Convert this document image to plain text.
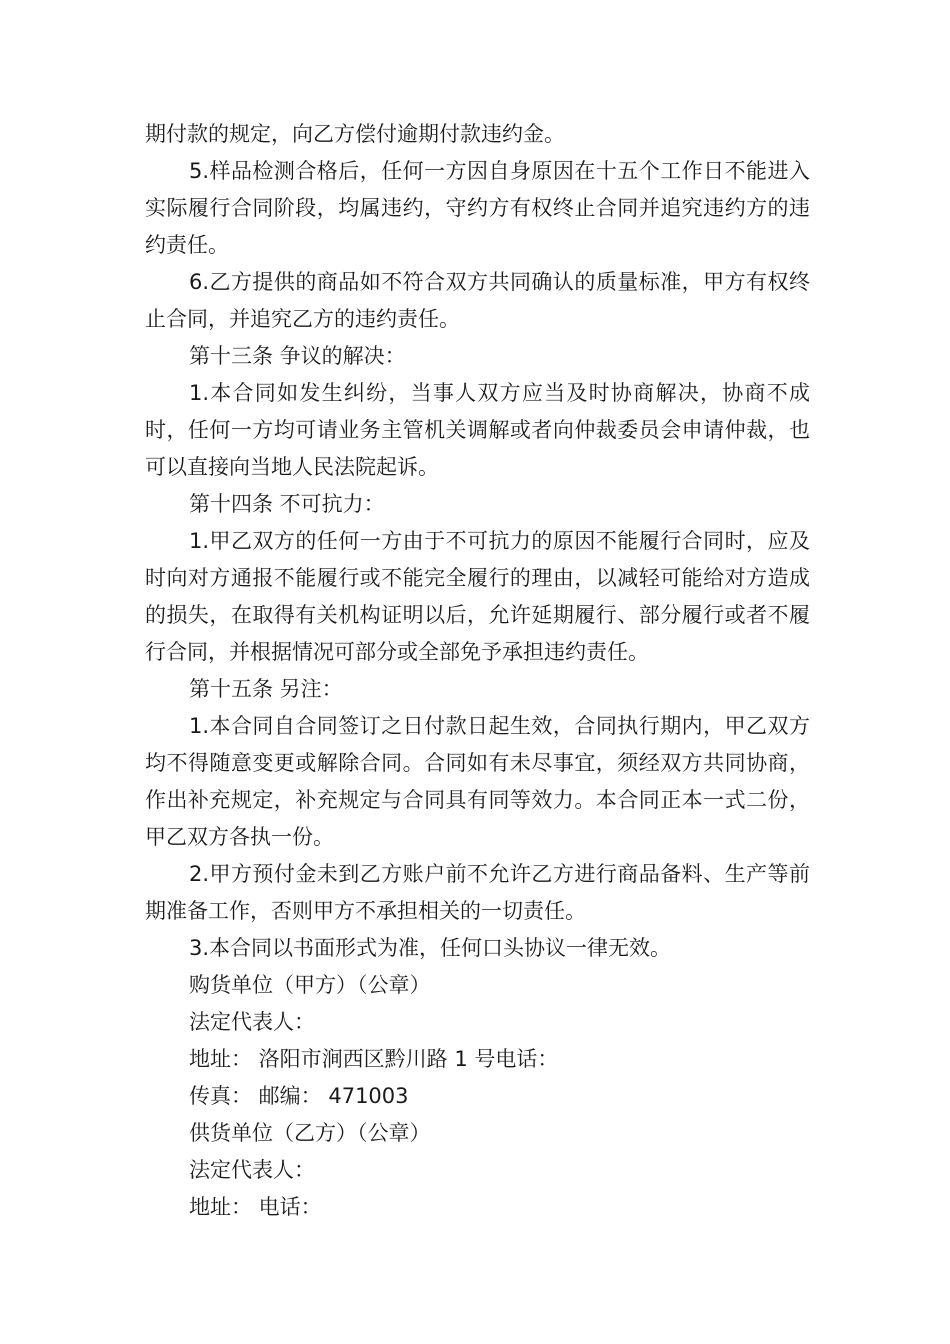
期付款的规定，向乙方偿付逾期付款违约金。

5.样品检测合格后，任何一方因自身原因在十五个工作日不能进入实际履行合同阶段，均属违约，守约方有权终止合同并追究违约方的违约责任。

6.乙方提供的商品如不符合双方共同确认的质量标准，甲方有权终止合同，并追究乙方的违约责任。

第十三条 争议的解决：

1.本合同如发生纠纷，当事人双方应当及时协商解决，协商不成时，任何一方均可请业务主管机关调解或者向仲裁委员会申请仲裁，也可以直接向当地人民法院起诉。

第十四条 不可抗力：

1.甲乙双方的任何一方由于不可抗力的原因不能履行合同时，应及时向对方通报不能履行或不能完全履行的理由，以减轻可能给对方造成的损失，在取得有关机构证明以后，允许延期履行、部分履行或者不履行合同，并根据情况可部分或全部免予承担违约责任。

第十五条 另注：

1.本合同自合同签订之日付款日起生效，合同执行期内，甲乙双方均不得随意变更或解除合同。合同如有未尽事宜，须经双方共同协商，作出补充规定，补充规定与合同具有同等效力。本合同正本一式二份，甲乙双方各执一份。

2.甲方预付金未到乙方账户前不允许乙方进行商品备料、生产等前期准备工作，否则甲方不承担相关的一切责任。

3.本合同以书面形式为准，任何口头协议一律无效。

购货单位（甲方）（公章）

法定代表人：

地址： 洛阳市涧西区黔川路 1 号电话：

传真： 邮编： 471003

供货单位（乙方）（公章）

法定代表人：

地址： 电话：
